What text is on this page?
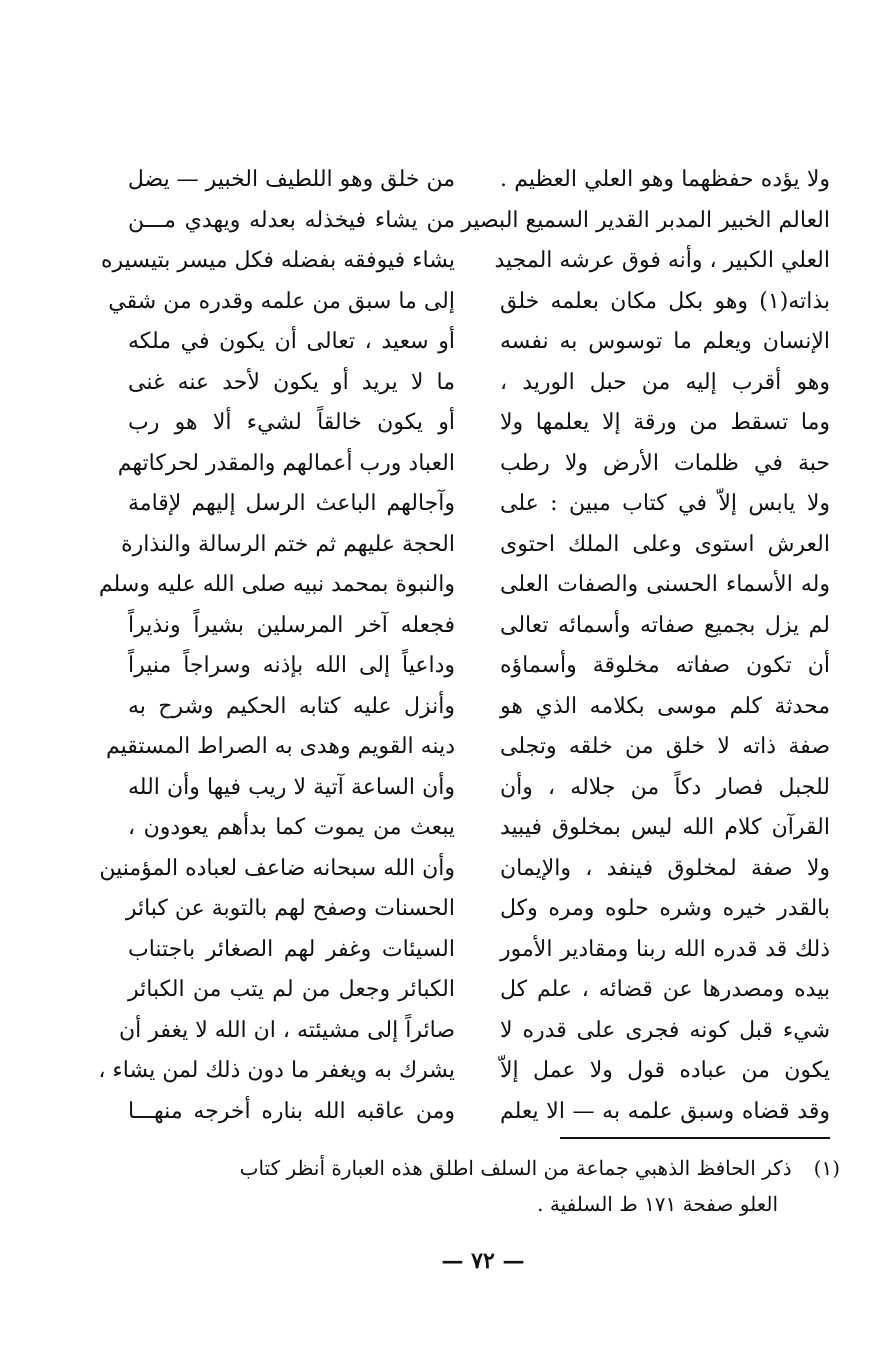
ولا يؤده حفظهما وهو العلي العظيم .
العالم الخبير المدبر القدير السميع البصير
العلي الكبير ، وأنه فوق عرشه المجيد
بذاته(١) وهو بكل مكان بعلمه خلق
الإنسان ويعلم ما توسوس به نفسه
وهو أقرب إليه من حبل الوريد ،
وما تسقط من ورقة إلا يعلمها ولا
حبة في ظلمات الأرض ولا رطب
ولا يابس إلاّ في كتاب مبين : على
العرش استوى وعلى الملك احتوى
وله الأسماء الحسنى والصفات العلى
لم يزل بجميع صفاته وأسمائه تعالى
أن تكون صفاته مخلوقة وأسماؤه
محدثة كلم موسى بكلامه الذي هو
صفة ذاته لا خلق من خلقه وتجلى
للجبل فصار دكاً من جلاله ، وأن
القرآن كلام الله ليس بمخلوق فيبيد
ولا صفة لمخلوق فينفد ، والإيمان
بالقدر خيره وشره حلوه ومره وكل
ذلك قد قدره الله ربنا ومقادير الأمور
بيده ومصدرها عن قضائه ، علم كل
شيء قبل كونه فجرى على قدره لا
يكون من عباده قول ولا عمل إلاّ
وقد قضاه وسبق علمه به — الا يعلم
من خلق وهو اللطيف الخبير — يضل
من يشاء فيخذله بعدله ويهدي مـــن
يشاء فيوفقه بفضله فكل ميسر بتيسيره
إلى ما سبق من علمه وقدره من شقي
أو سعيد ، تعالى أن يكون في ملكه
ما لا يريد أو يكون لأحد عنه غنى
أو يكون خالقاً لشيء ألا هو رب
العباد ورب أعمالهم والمقدر لحركاتهم
وآجالهم الباعث الرسل إليهم لإقامة
الحجة عليهم ثم ختم الرسالة والنذارة
والنبوة بمحمد نبيه صلى الله عليه وسلم
فجعله آخر المرسلين بشيراً ونذيراً
وداعياً إلى الله بإذنه وسراجاً منيراً
وأنزل عليه كتابه الحكيم وشرح به
دينه القويم وهدى به الصراط المستقيم
وأن الساعة آتية لا ريب فيها وأن الله
يبعث من يموت كما بدأهم يعودون ،
وأن الله سبحانه ضاعف لعباده المؤمنين
الحسنات وصفح لهم بالتوبة عن كبائر
السيئات وغفر لهم الصغائر باجتناب
الكبائر وجعل من لم يتب من الكبائر
صائراً إلى مشيئته ، ان الله لا يغفر أن
يشرك به ويغفر ما دون ذلك لمن يشاء ،
ومن عاقبه الله بناره أخرجه منهـــا
(١)ذكر الحافظ الذهبي جماعة من السلف اطلق هذه العبارة أنظر كتاب
العلو صفحة ١٧١ ط السلفية .
— ٧٢ —
